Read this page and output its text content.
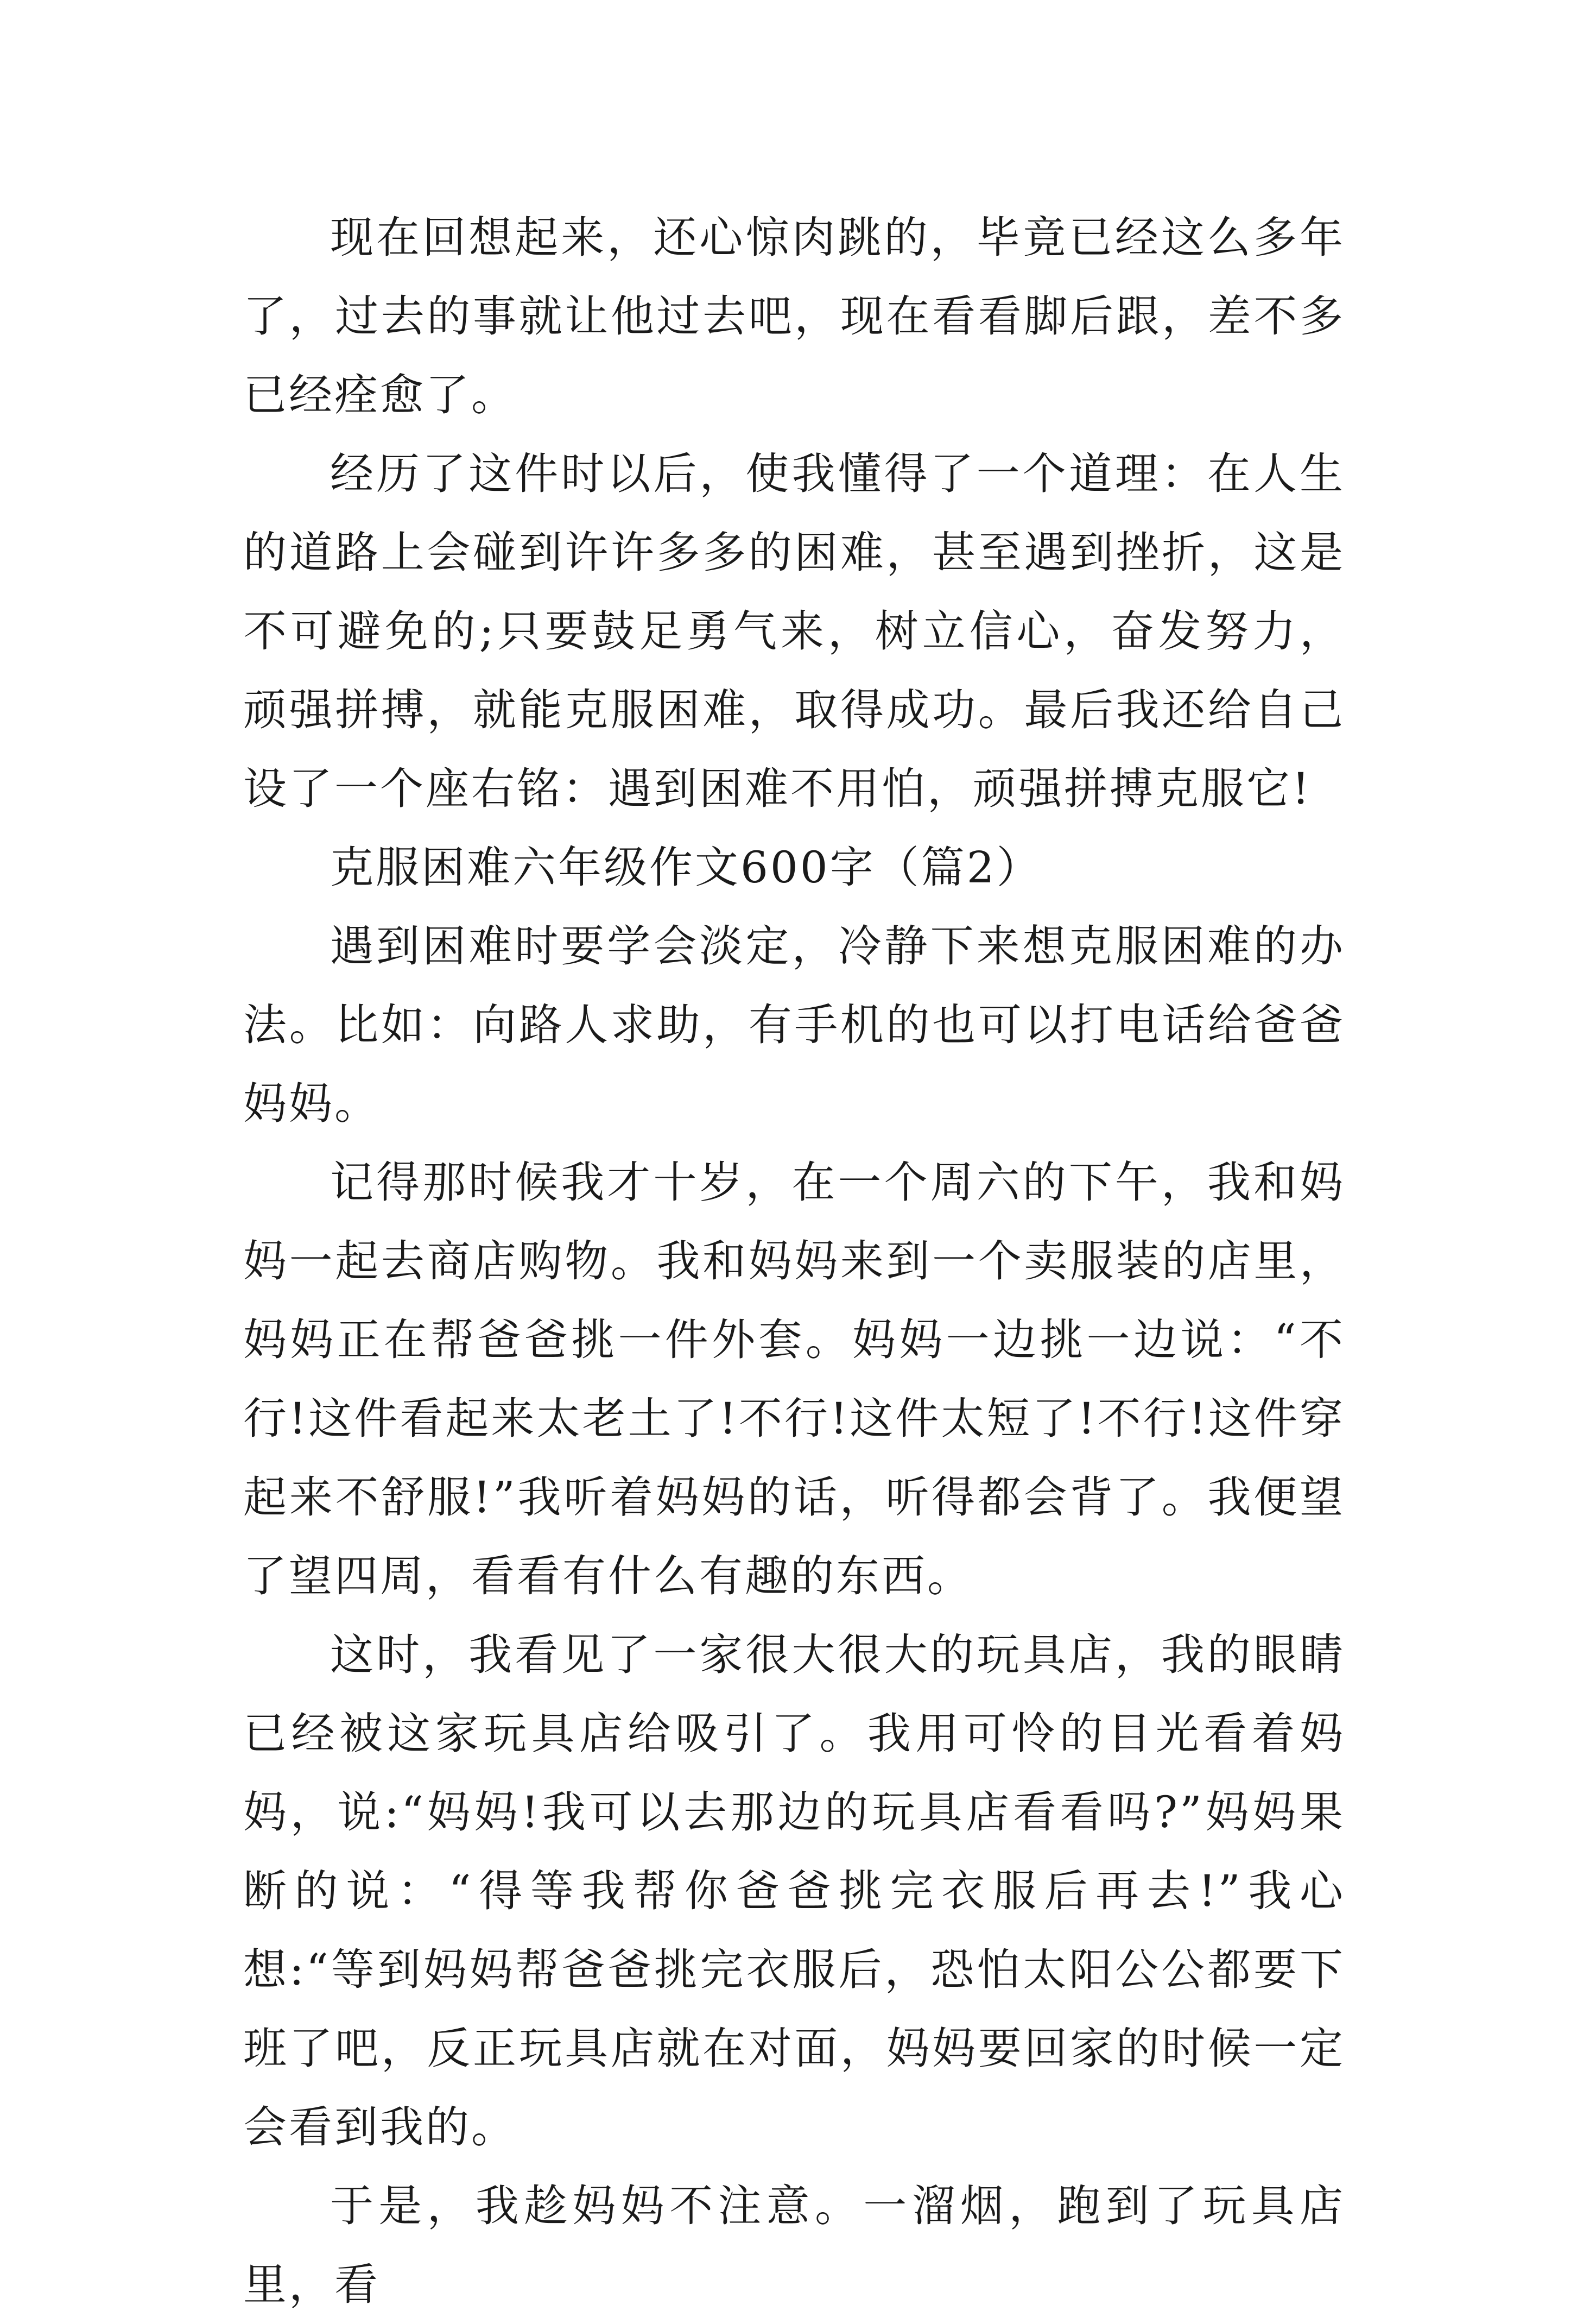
现在回想起来，还心惊肉跳的，毕竟已经这么多年了，过去的事就让他过去吧，现在看看脚后跟，差不多已经痊愈了。

经历了这件时以后，使我懂得了一个道理：在人生的道路上会碰到许许多多的困难，甚至遇到挫折，这是不可避免的;只要鼓足勇气来，树立信心，奋发努力，顽强拼搏，就能克服困难，取得成功。最后我还给自己设了一个座右铭：遇到困难不用怕，顽强拼搏克服它!

克服困难六年级作文600字（篇2）

遇到困难时要学会淡定，冷静下来想克服困难的办法。比如：向路人求助，有手机的也可以打电话给爸爸妈妈。

记得那时候我才十岁，在一个周六的下午，我和妈妈一起去商店购物。我和妈妈来到一个卖服装的店里，妈妈正在帮爸爸挑一件外套。妈妈一边挑一边说：“不行!这件看起来太老土了!不行!这件太短了!不行!这件穿起来不舒服!”我听着妈妈的话，听得都会背了。我便望了望四周，看看有什么有趣的东西。

这时，我看见了一家很大很大的玩具店，我的眼睛已经被这家玩具店给吸引了。我用可怜的目光看着妈妈，说:“妈妈!我可以去那边的玩具店看看吗?”妈妈果断的说：“得等我帮你爸爸挑完衣服后再去!”我心想:“等到妈妈帮爸爸挑完衣服后，恐怕太阳公公都要下班了吧，反正玩具店就在对面，妈妈要回家的时候一定会看到我的。

于是，我趁妈妈不注意。一溜烟，跑到了玩具店里，看
